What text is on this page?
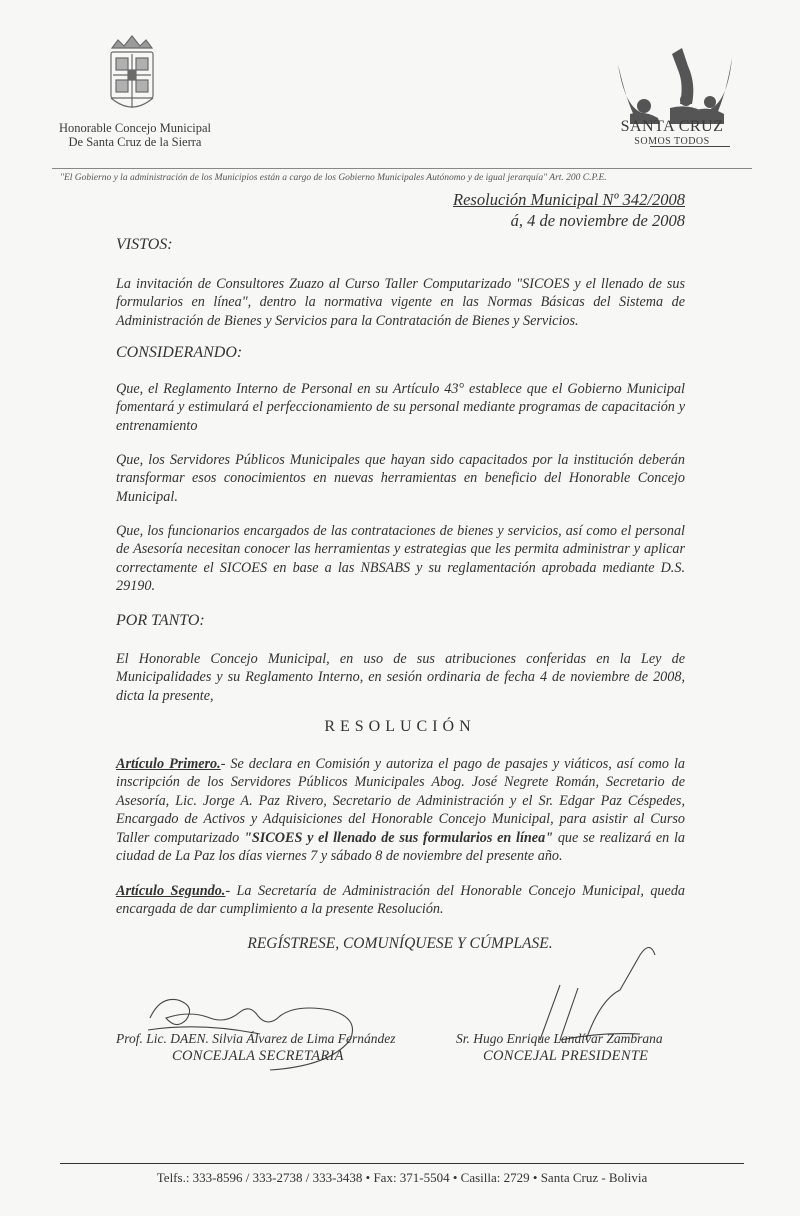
Honorable Concejo Municipal
De Santa Cruz de la Sierra
SANTA CRUZ
SOMOS TODOS
"El Gobierno y la administración de los Municipios están a cargo de los Gobierno Municipales Autónomo y de igual jerarquía" Art. 200 C.P.E.
Resolución Municipal Nº 342/2008
á, 4 de noviembre de 2008
VISTOS:
La invitación de Consultores Zuazo al Curso Taller Computarizado "SICOES y el llenado de sus formularios en línea", dentro la normativa vigente en las Normas Básicas del Sistema de Administración de Bienes y Servicios para la Contratación de Bienes y Servicios.
CONSIDERANDO:
Que, el Reglamento Interno de Personal en su Artículo 43° establece que el Gobierno Municipal fomentará y estimulará el perfeccionamiento de su personal mediante programas de capacitación y entrenamiento
Que, los Servidores Públicos Municipales que hayan sido capacitados por la institución deberán transformar esos conocimientos en nuevas herramientas en beneficio del Honorable Concejo Municipal.
Que, los funcionarios encargados de las contrataciones de bienes y servicios, así como el personal de Asesoría necesitan conocer las herramientas y estrategias que les permita administrar y aplicar correctamente el SICOES en base a las NBSABS y su reglamentación aprobada mediante D.S. 29190.
POR TANTO:
El Honorable Concejo Municipal, en uso de sus atribuciones conferidas en la Ley de Municipalidades y su Reglamento Interno, en sesión ordinaria de fecha 4 de noviembre de 2008, dicta la presente,
RESOLUCIÓN
Artículo Primero.- Se declara en Comisión y autoriza el pago de pasajes y viáticos, así como la inscripción de los Servidores Públicos Municipales Abog. José Negrete Román, Secretario de Asesoría, Lic. Jorge A. Paz Rivero, Secretario de Administración y el Sr. Edgar Paz Céspedes, Encargado de Activos y Adquisiciones del Honorable Concejo Municipal, para asistir al Curso Taller computarizado "SICOES y el llenado de sus formularios en línea" que se realizará en la ciudad de La Paz los días viernes 7 y sábado 8 de noviembre del presente año.
Artículo Segundo.- La Secretaría de Administración del Honorable Concejo Municipal, queda encargada de dar cumplimiento a la presente Resolución.
REGÍSTRESE, COMUNÍQUESE Y CÚMPLASE.
Prof. Lic. DAEN. Silvia Álvarez de Lima Fernández
CONCEJALA SECRETARIA
Sr. Hugo Enrique Landívar Zambrana
CONCEJAL PRESIDENTE
Telfs.: 333-8596 / 333-2738 / 333-3438 • Fax: 371-5504 • Casilla: 2729 • Santa Cruz - Bolivia
